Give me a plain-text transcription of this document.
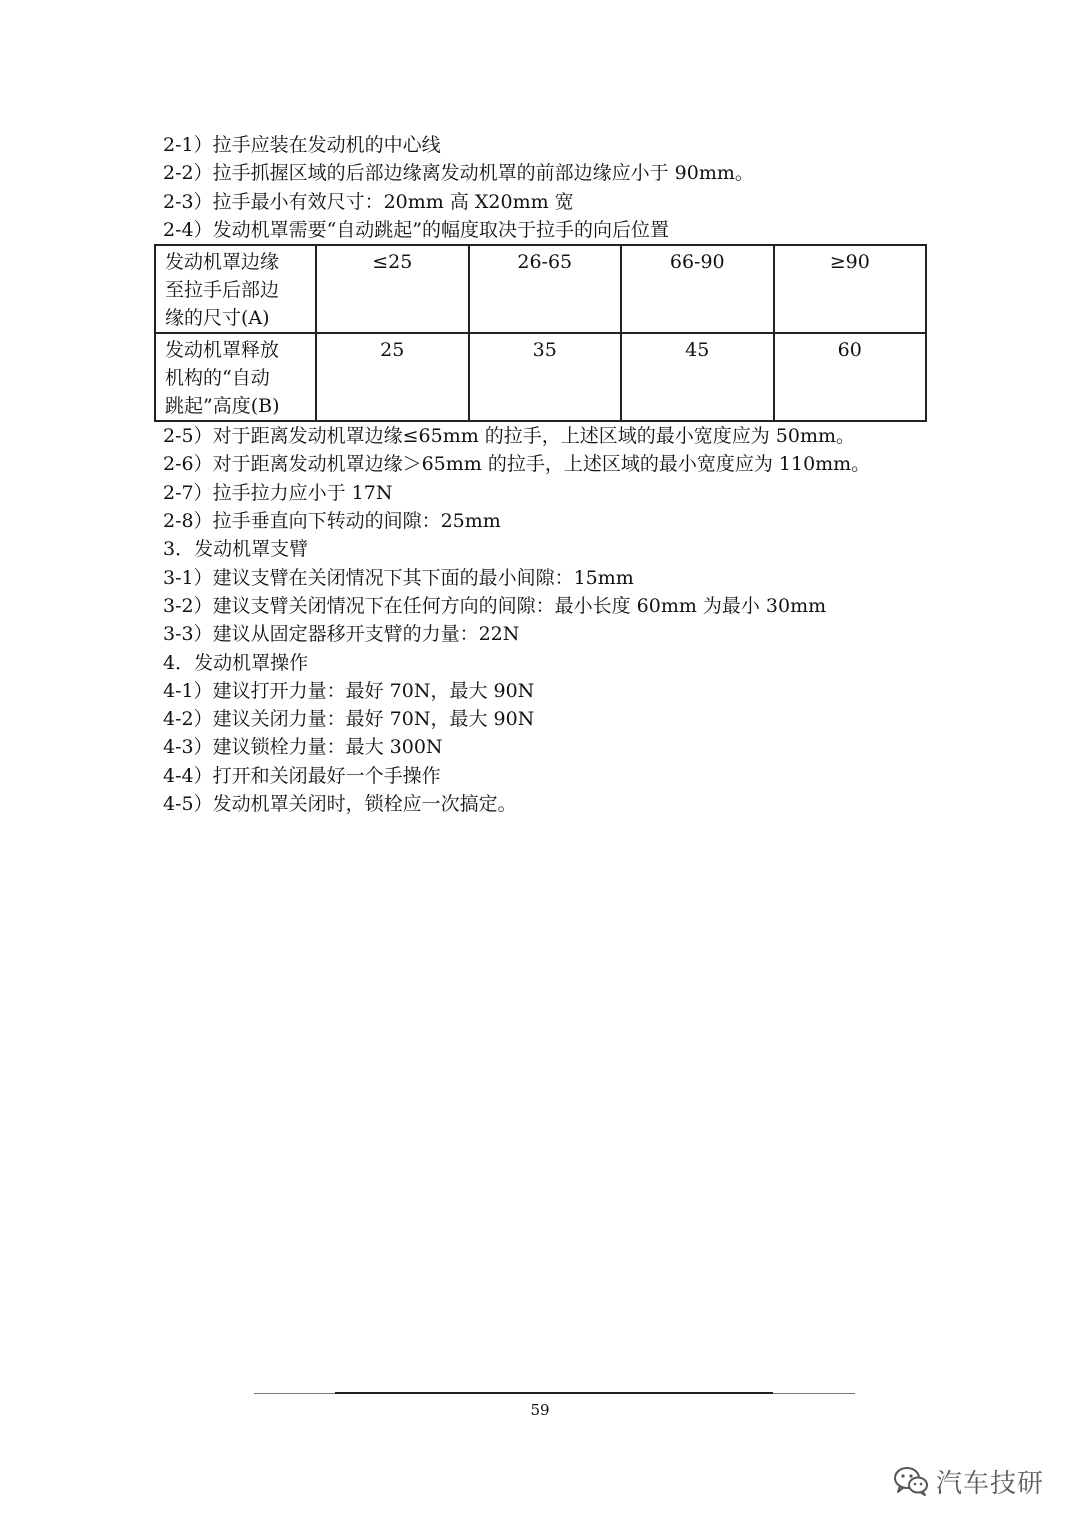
2-1）拉手应装在发动机的中心线
2-2）拉手抓握区域的后部边缘离发动机罩的前部边缘应小于 90mm。
2-3）拉手最小有效尺寸：20mm 高 X20mm 宽
2-4）发动机罩需要“自动跳起”的幅度取决于拉手的向后位置
发动机罩边缘
至拉手后部边
缘的尺寸(A)	≤25	26-65	66-90	≥90

发动机罩释放
机构的“自动
跳起”高度(B)	25	35	45	60
2-5）对于距离发动机罩边缘≤65mm 的拉手，上述区域的最小宽度应为 50mm。
2-6）对于距离发动机罩边缘＞65mm 的拉手，上述区域的最小宽度应为 110mm。
2-7）拉手拉力应小于 17N
2-8）拉手垂直向下转动的间隙：25mm
3．发动机罩支臂
3-1）建议支臂在关闭情况下其下面的最小间隙：15mm
3-2）建议支臂关闭情况下在任何方向的间隙：最小长度 60mm 为最小 30mm
3-3）建议从固定器移开支臂的力量：22N
4．发动机罩操作
4-1）建议打开力量：最好 70N，最大 90N
4-2）建议关闭力量：最好 70N，最大 90N
4-3）建议锁栓力量：最大 300N
4-4）打开和关闭最好一个手操作
4-5）发动机罩关闭时，锁栓应一次搞定。
59
汽车技研
